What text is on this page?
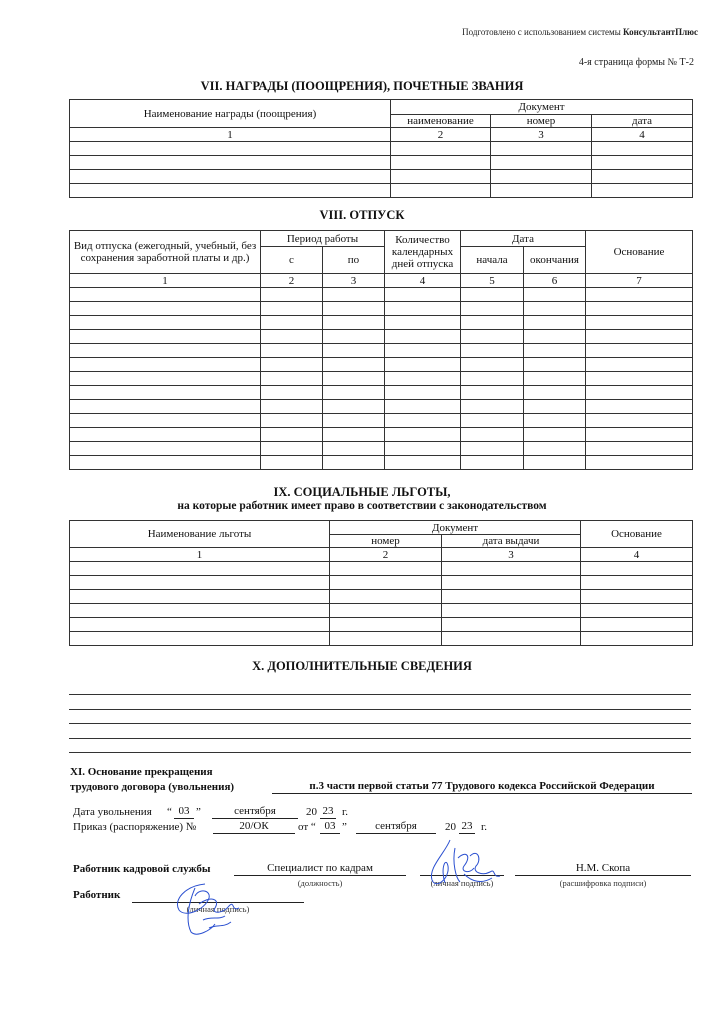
Подготовлено с использованием системы КонсультантПлюс
4-я страница формы № Т-2
VII. НАГРАДЫ (ПООЩРЕНИЯ), ПОЧЕТНЫЕ ЗВАНИЯ
Наименование награды (поощрения)	Документ		
	наименование	номер	дата
1	2	3	4

VIII. ОТПУСК
Вид отпуска (ежегодный, учебный, без сохранения заработной платы и др.)	Период работы		Количество календарных дней отпуска	Дата		Основание
	с	по		начала	окончания	
1	2	3	4	5	6	7

IX. СОЦИАЛЬНЫЕ ЛЬГОТЫ,
на которые работник имеет право в соответствии с законодательством
Наименование льготы	Документ		Основание
	номер	дата выдачи	
1	2	3	4

X. ДОПОЛНИТЕЛЬНЫЕ СВЕДЕНИЯ
XI. Основание прекращения
трудового договора (увольнения)	п.3 части первой статьи 77 Трудового кодекса Российской Федерации
Дата увольнения “ 03 ”	сентября	20 23 г.
Приказ (распоряжение) №	20/ОК	от “ 03 ”	сентября	20 23 г.
Работник кадровой службы	Специалист по кадрам
(должность)	(личная подпись)
Н.М. Скопа
(расшифровка подписи)
Работник
(личная подпись)
